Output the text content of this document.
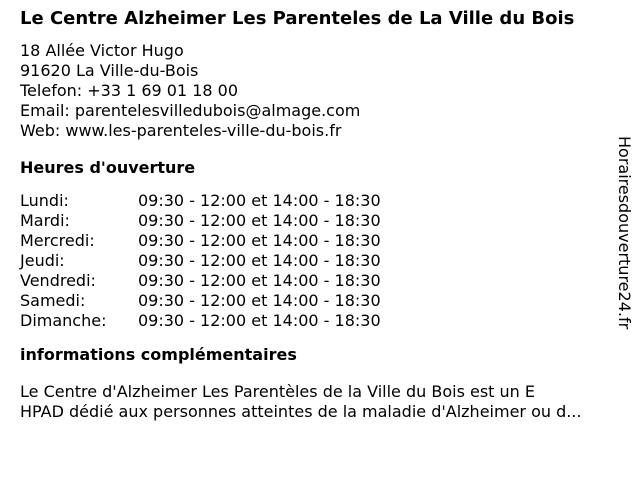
Le Centre Alzheimer Les Parenteles de La Ville du Bois
18 Allée Victor Hugo
91620 La Ville-du-Bois
Telefon: +33 1 69 01 18 00
Email: parentelesvilledubois@almage.com
Web: www.les-parenteles-ville-du-bois.fr
Heures d'ouverture
Lundi:	09:30 - 12:00 et 14:00 - 18:30
Mardi:	09:30 - 12:00 et 14:00 - 18:30
Mercredi:	09:30 - 12:00 et 14:00 - 18:30
Jeudi:	09:30 - 12:00 et 14:00 - 18:30
Vendredi:	09:30 - 12:00 et 14:00 - 18:30
Samedi:	09:30 - 12:00 et 14:00 - 18:30
Dimanche:	09:30 - 12:00 et 14:00 - 18:30
informations complémentaires
Le Centre d'Alzheimer Les Parentèles de la Ville du Bois est un E
HPAD dédié aux personnes atteintes de la maladie d'Alzheimer ou d...
Horairesdouverture24.fr
